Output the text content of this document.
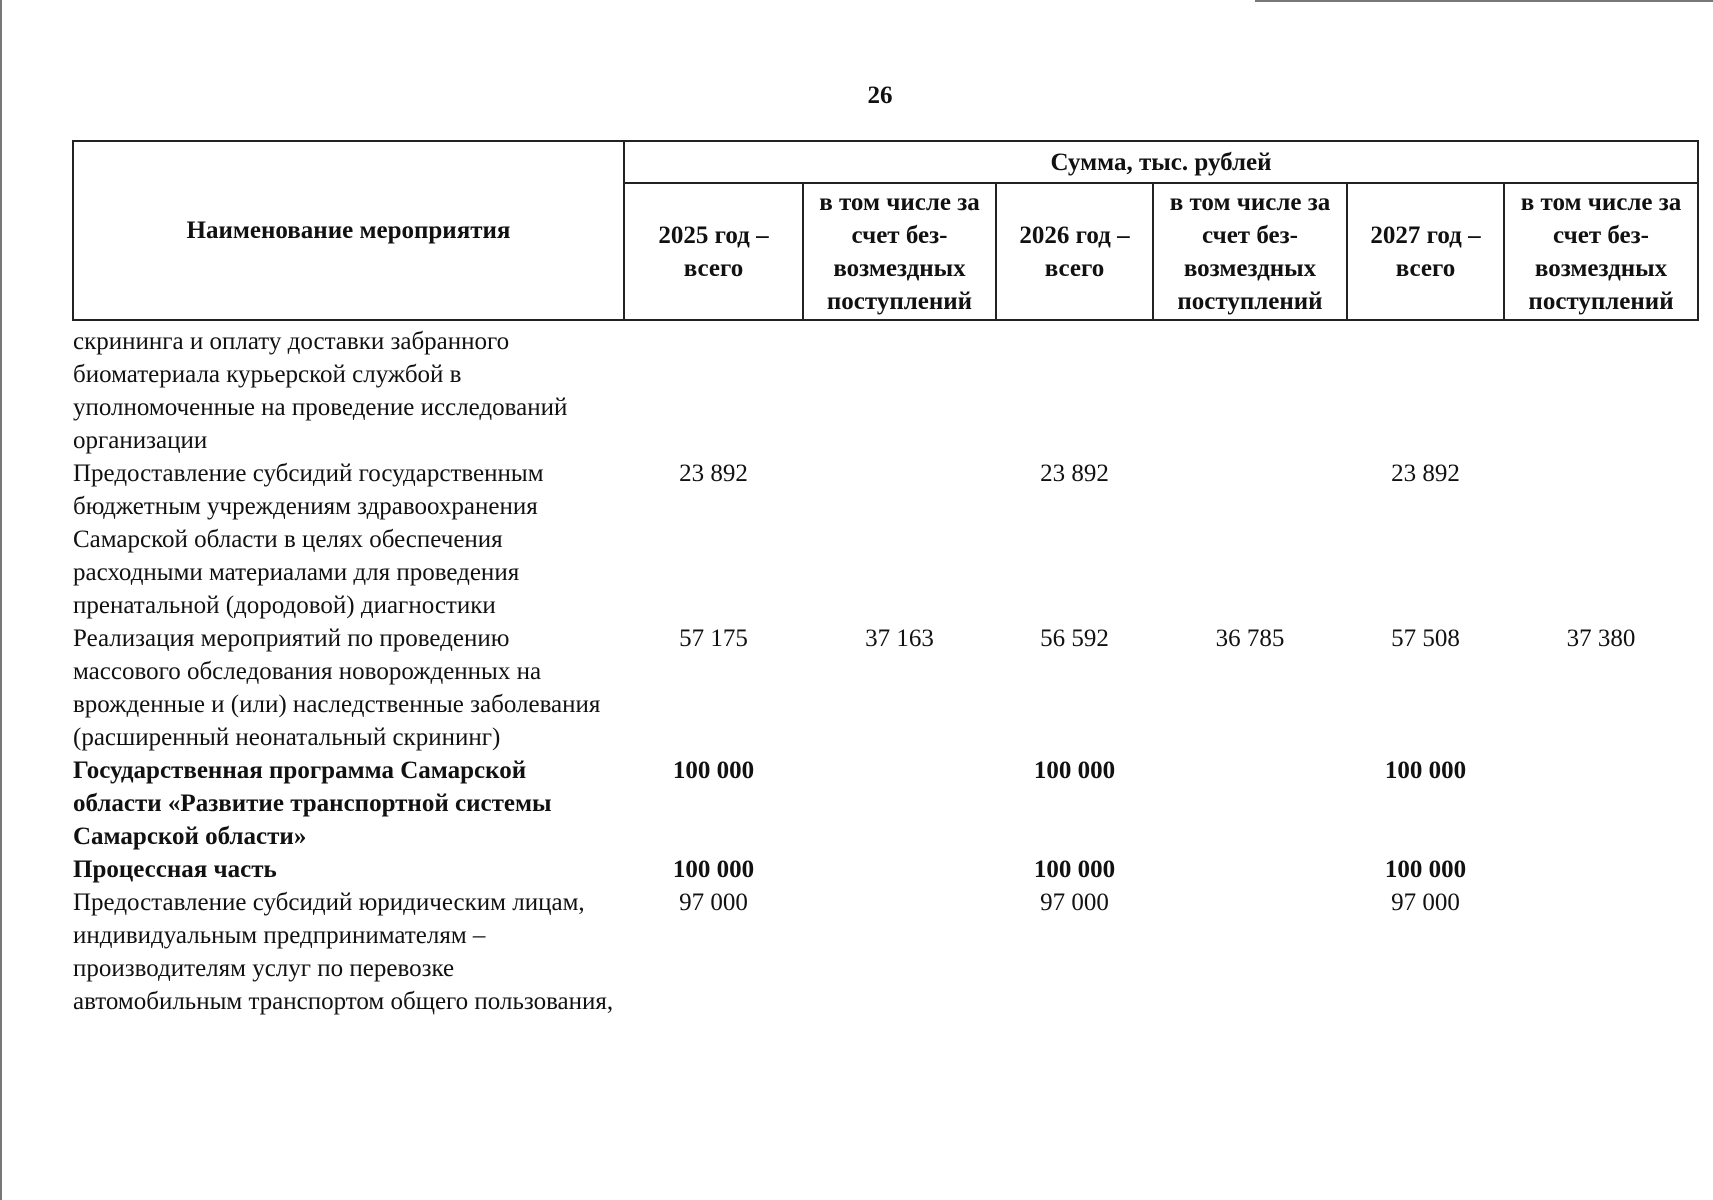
26
Наименование мероприятия	Сумма, тыс. рублей					
	2025 год – всего	в том числе за счет без-возмездных поступлений	2026 год – всего	в том числе за счет без-возмездных поступлений	2027 год – всего	в том числе за счет без-возмездных поступлений
скрининга и оплату доставки забранного биоматериала курьерской службой в уполномоченные на проведение исследований организации						
Предоставление субсидий государственным бюджетным учреждениям здравоохранения Самарской области в целях обеспечения расходными материалами для проведения пренатальной (дородовой) диагностики	23 892		23 892		23 892	
Реализация мероприятий по проведению массового обследования новорожденных на врожденные и (или) наследственные заболевания (расширенный неонатальный скрининг)	57 175	37 163	56 592	36 785	57 508	37 380
Государственная программа Самарской области «Развитие транспортной системы Самарской области»	100 000		100 000		100 000	
Процессная часть	100 000		100 000		100 000	
Предоставление субсидий юридическим лицам, индивидуальным предпринимателям – производителям услуг по перевозке автомобильным транспортом общего пользования,	97 000		97 000		97 000	
